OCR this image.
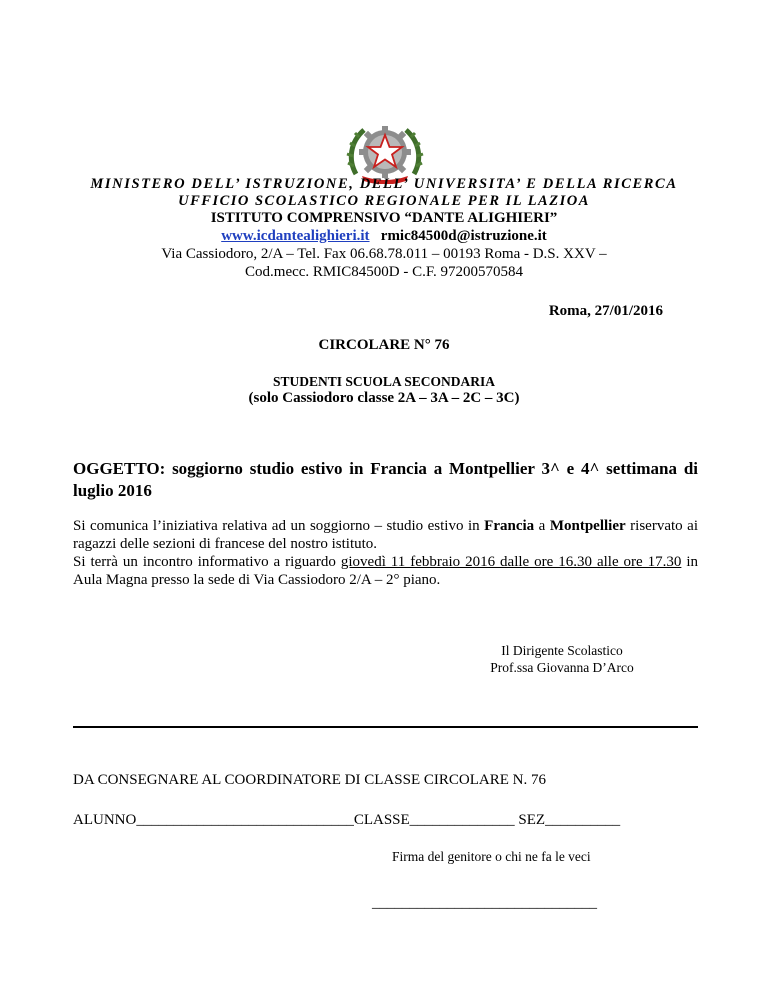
MINISTERO DELL’ ISTRUZIONE, DELL’ UNIVERSITA’ E DELLA RICERCA
UFFICIO SCOLASTICO REGIONALE PER IL LAZIOA
ISTITUTO COMPRENSIVO “DANTE ALIGHIERI”
www.icdantealighieri.it rmic84500d@istruzione.it
Via Cassiodoro, 2/A – Tel. Fax 06.68.78.011 – 00193 Roma - D.S. XXV –
Cod.mecc. RMIC84500D - C.F. 97200570584
Roma, 27/01/2016
CIRCOLARE N° 76
STUDENTI SCUOLA SECONDARIA
(solo Cassiodoro classe 2A – 3A – 2C – 3C)
OGGETTO: soggiorno studio estivo in Francia a Montpellier 3^ e 4^ settimana di luglio 2016

Si comunica l’iniziativa relativa ad un soggiorno – studio estivo in Francia a Montpellier riservato ai ragazzi delle sezioni di francese del nostro istituto.

Si terrà un incontro informativo a riguardo giovedì 11 febbraio 2016 dalle ore 16.30 alle ore 17.30 in Aula Magna presso la sede di Via Cassiodoro 2/A – 2° piano.

Il Dirigente Scolastico
Prof.ssa Giovanna D’Arco
DA CONSEGNARE AL COORDINATORE DI CLASSE CIRCOLARE N. 76
ALUNNO_____________________________CLASSE______________ SEZ__________
Firma del genitore o chi ne fa le veci
______________________________
